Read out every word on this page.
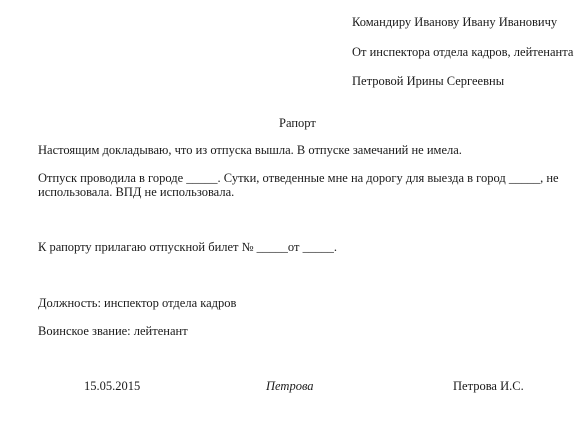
Командиру Иванову Ивану Ивановичу
От инспектора отдела кадров, лейтенанта
Петровой Ирины Сергеевны
Рапорт
Настоящим докладываю, что из отпуска вышла. В отпуске замечаний не имела.
Отпуск проводила в городе _____. Сутки, отведенные мне на дорогу для выезда в город _____, не
использовала. ВПД не использовала.
К рапорту прилагаю отпускной билет № _____от _____.
Должность: инспектор отдела кадров
Воинское звание: лейтенант
15.05.2015	Петрова	Петрова И.С.
